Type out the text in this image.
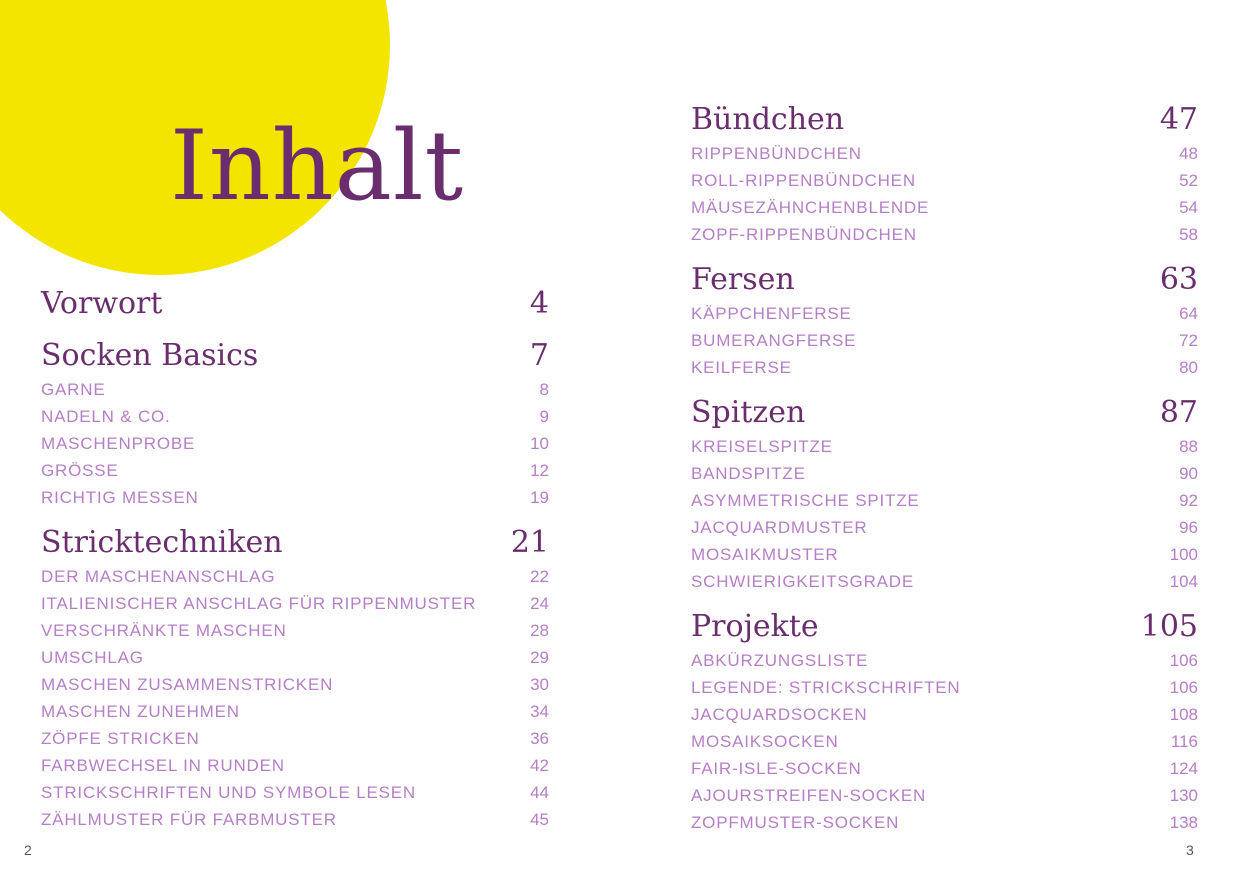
Inhalt
Vorwort	4
Socken Basics	7
GARNE	8
NADELN & CO.	9
MASCHENPROBE	10
GRÖSSE	12
RICHTIG MESSEN	19
Stricktechniken	21
DER MASCHENANSCHLAG	22
ITALIENISCHER ANSCHLAG FÜR RIPPENMUSTER	24
VERSCHRÄNKTE MASCHEN	28
UMSCHLAG	29
MASCHEN ZUSAMMENSTRICKEN	30
MASCHEN ZUNEHMEN	34
ZÖPFE STRICKEN	36
FARBWECHSEL IN RUNDEN	42
STRICKSCHRIFTEN UND SYMBOLE LESEN	44
ZÄHLMUSTER FÜR FARBMUSTER	45
Bündchen	47
RIPPENBÜNDCHEN	48
ROLL-RIPPENBÜNDCHEN	52
MÄUSEZÄHNCHENBLENDE	54
ZOPF-RIPPENBÜNDCHEN	58
Fersen	63
KÄPPCHENFERSE	64
BUMERANGFERSE	72
KEILFERSE	80
Spitzen	87
KREISELSPITZE	88
BANDSPITZE	90
ASYMMETRISCHE SPITZE	92
JACQUARDMUSTER	96
MOSAIKMUSTER	100
SCHWIERIGKEITSGRADE	104
Projekte	105
ABKÜRZUNGSLISTE	106
LEGENDE: STRICKSCHRIFTEN	106
JACQUARDSOCKEN	108
MOSAIKSOCKEN	116
FAIR-ISLE-SOCKEN	124
AJOURSTREIFEN-SOCKEN	130
ZOPFMUSTER-SOCKEN	138
2	3
